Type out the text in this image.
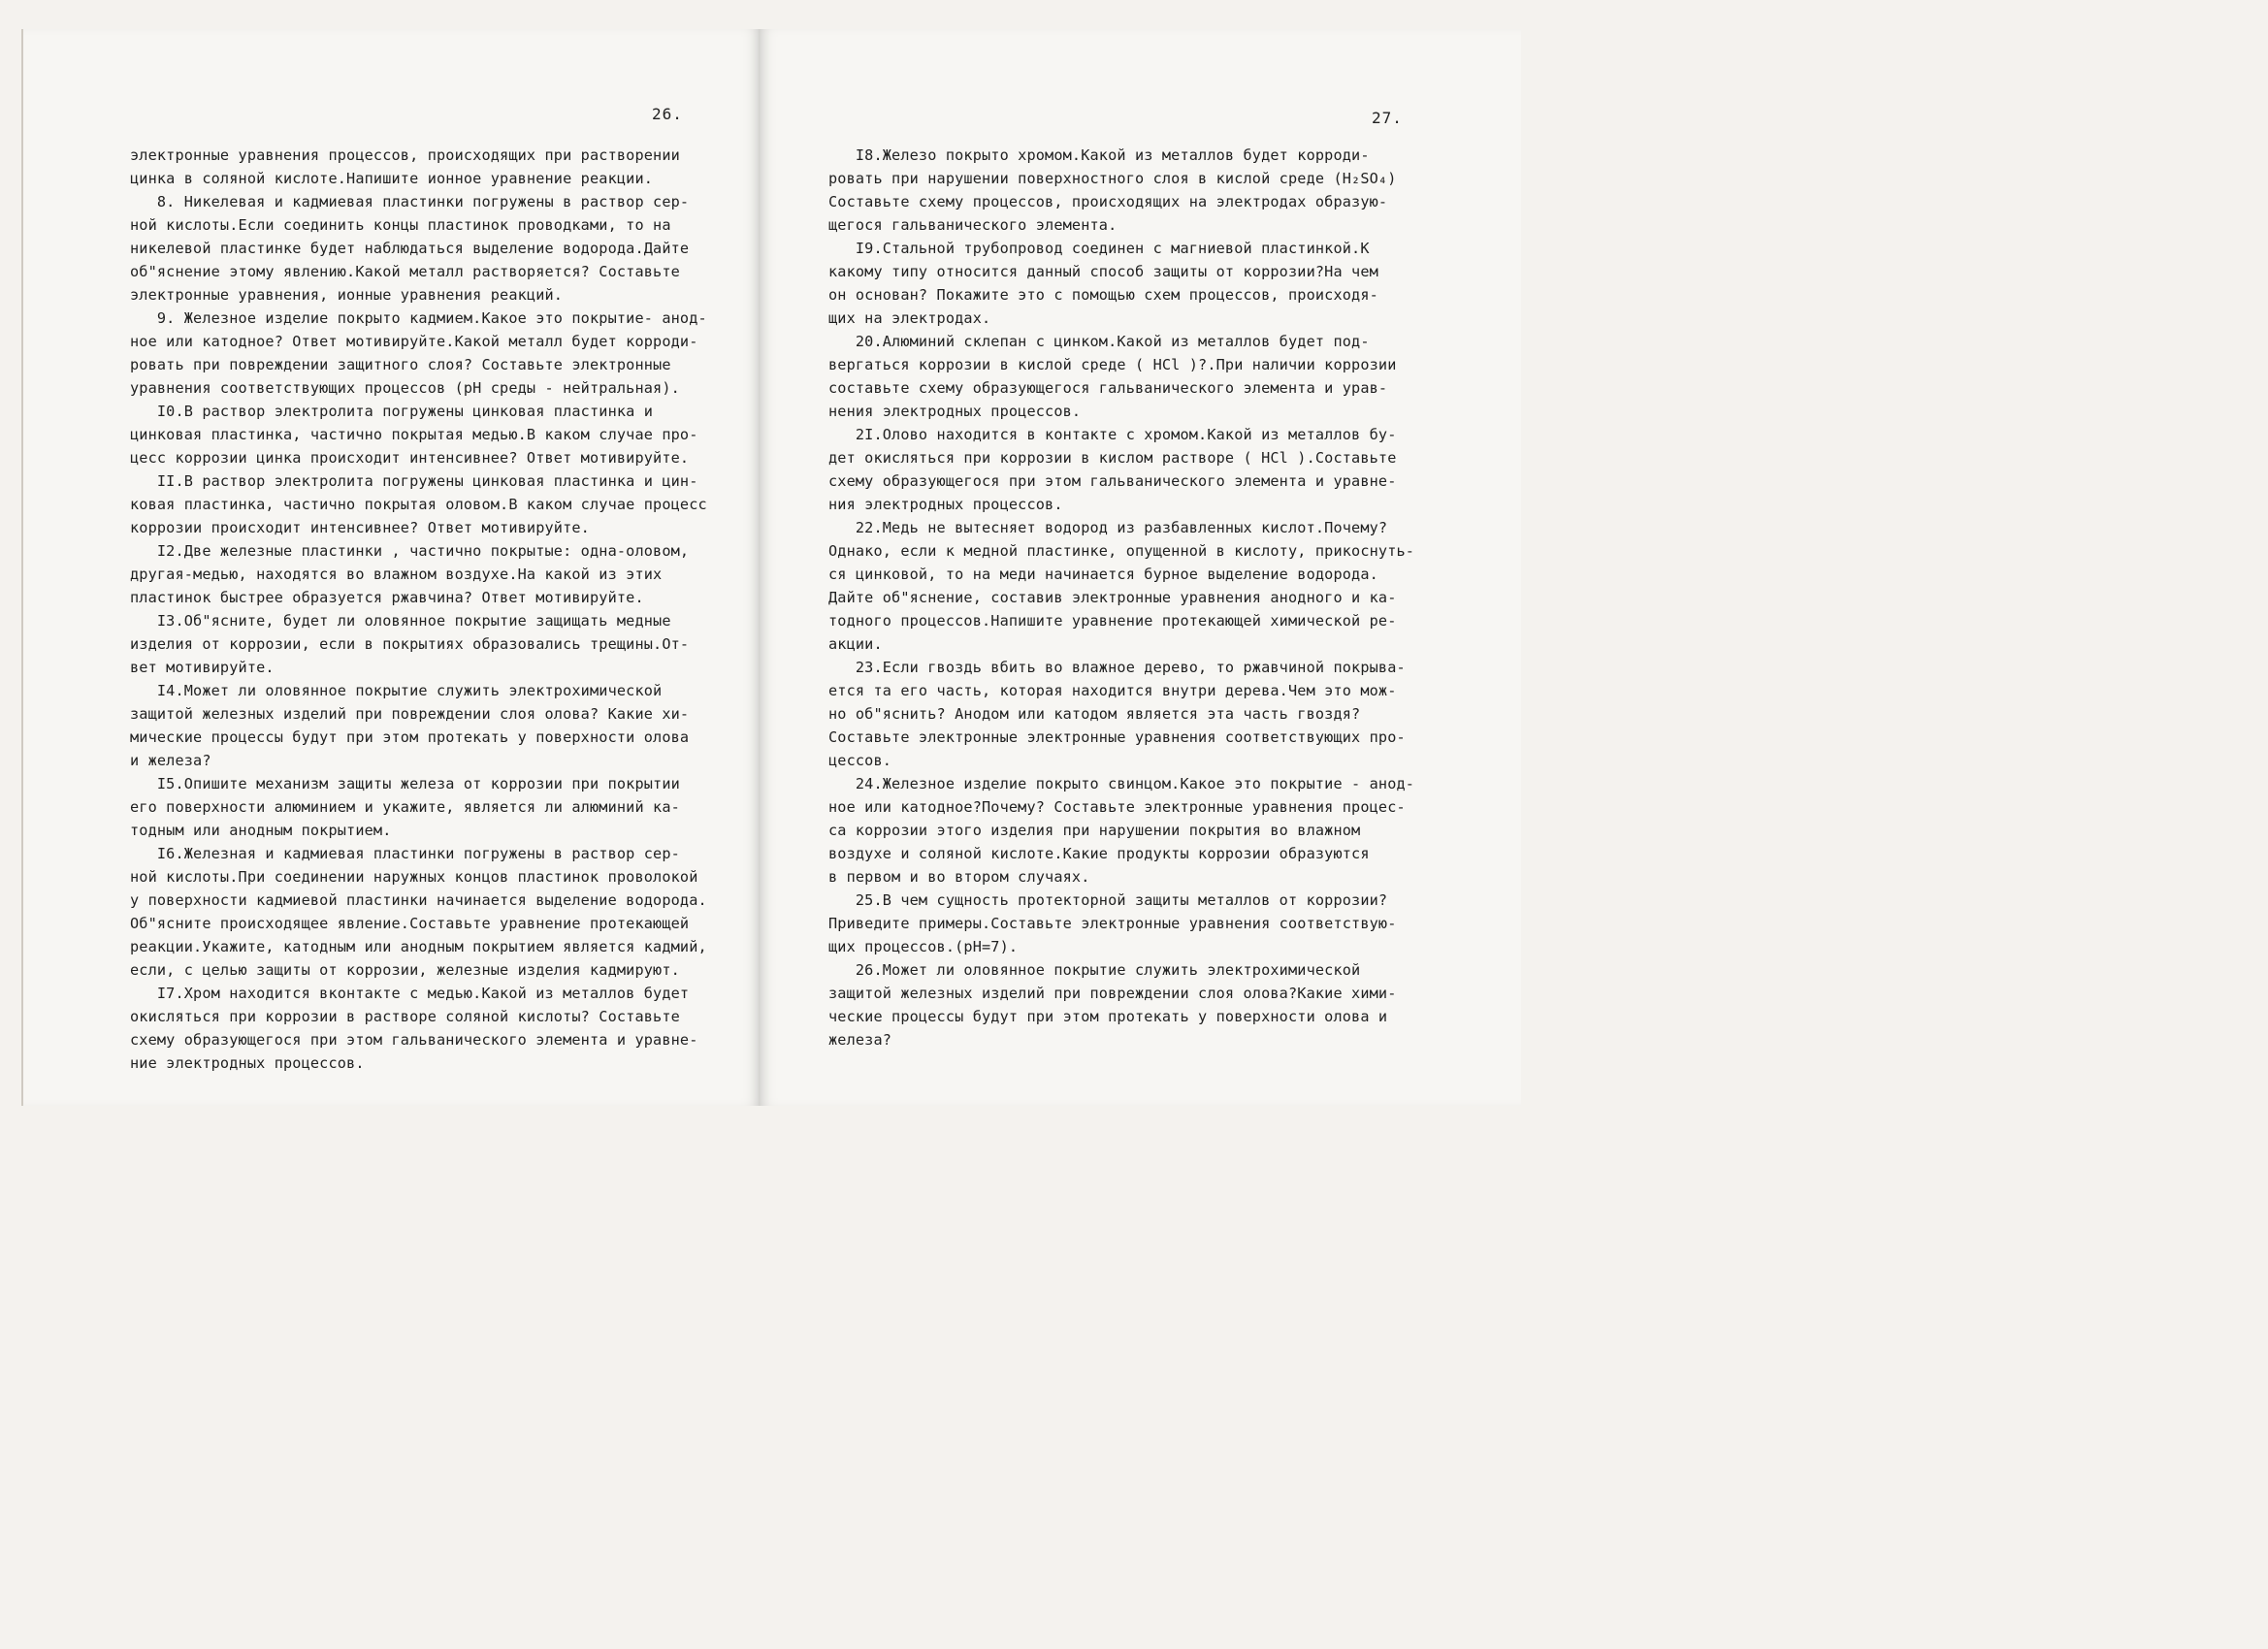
26.
электронные уравнения процессов, происходящих при растворении
цинка в соляной кислоте.Напишите ионное уравнение реакции.
8. Никелевая и кадмиевая пластинки погружены в раствор сер-
ной кислоты.Если соединить концы пластинок проводками, то на
никелевой пластинке будет наблюдаться выделение водорода.Дайте
об"яснение этому явлению.Какой металл растворяется? Составьте
электронные уравнения, ионные уравнения реакций.
9. Железное изделие покрыто кадмием.Какое это покрытие- анод-
ное или катодное? Ответ мотивируйте.Какой металл будет корроди-
ровать при повреждении защитного слоя? Составьте электронные
уравнения соответствующих процессов (рН среды - нейтральная).
I0.В раствор электролита погружены цинковая пластинка и
цинковая пластинка, частично покрытая медью.В каком случае про-
цесс коррозии цинка происходит интенсивнее? Ответ мотивируйте.
II.В раствор электролита погружены цинковая пластинка и цин-
ковая пластинка, частично покрытая оловом.В каком случае процесс
коррозии происходит интенсивнее? Ответ мотивируйте.
I2.Две железные пластинки , частично покрытые: одна-оловом,
другая-медью, находятся во влажном воздухе.На какой из этих
пластинок быстрее образуется ржавчина? Ответ мотивируйте.
I3.Об"ясните, будет ли оловянное покрытие защищать медные
изделия от коррозии, если в покрытиях образовались трещины.От-
вет мотивируйте.
I4.Может ли оловянное покрытие служить электрохимической
защитой железных изделий при повреждении слоя олова? Какие хи-
мические процессы будут при этом протекать у поверхности олова
и железа?
I5.Опишите механизм защиты железа от коррозии при покрытии
его поверхности алюминием и укажите, является ли алюминий ка-
тодным или анодным покрытием.
I6.Железная и кадмиевая пластинки погружены в раствор сер-
ной кислоты.При соединении наружных концов пластинок проволокой
у поверхности кадмиевой пластинки начинается выделение водорода.
Об"ясните происходящее явление.Составьте уравнение протекающей
реакции.Укажите, катодным или анодным покрытием является кадмий,
если, с целью защиты от коррозии, железные изделия кадмируют.
I7.Хром находится вконтакте с медью.Какой из металлов будет
окисляться при коррозии в растворе соляной кислоты? Составьте
схему образующегося при этом гальванического элемента и уравне-
ние электродных процессов.
27.
I8.Железо покрыто хромом.Какой из металлов будет корроди-
ровать при нарушении поверхностного слоя в кислой среде (H₂SO₄)
Составьте схему процессов, происходящих на электродах образую-
щегося гальванического элемента.
I9.Стальной трубопровод соединен с магниевой пластинкой.К
какому типу относится данный способ защиты от коррозии?На чем
он основан? Покажите это с помощью схем процессов, происходя-
щих на электродах.
20.Алюминий склепан с цинком.Какой из металлов будет под-
вергаться коррозии в кислой среде ( HCl )?.При наличии коррозии
составьте схему образующегося гальванического элемента и урав-
нения электродных процессов.
2I.Олово находится в контакте с хромом.Какой из металлов бу-
дет окисляться при коррозии в кислом растворе ( HCl ).Составьте
схему образующегося при этом гальванического элемента и уравне-
ния электродных процессов.
22.Медь не вытесняет водород из разбавленных кислот.Почему?
Однако, если к медной пластинке, опущенной в кислоту, прикоснуть-
ся цинковой, то на меди начинается бурное выделение водорода.
Дайте об"яснение, составив электронные уравнения анодного и ка-
тодного процессов.Напишите уравнение протекающей химической ре-
акции.
23.Если гвоздь вбить во влажное дерево, то ржавчиной покрыва-
ется та его часть, которая находится внутри дерева.Чем это мож-
но об"яснить? Анодом или катодом является эта часть гвоздя?
Составьте электронные электронные уравнения соответствующих про-
цессов.
24.Железное изделие покрыто свинцом.Какое это покрытие - анод-
ное или катодное?Почему? Составьте электронные уравнения процес-
са коррозии этого изделия при нарушении покрытия во влажном
воздухе и соляной кислоте.Какие продукты коррозии образуются
в первом и во втором случаях.
25.В чем сущность протекторной защиты металлов от коррозии?
Приведите примеры.Составьте электронные уравнения соответствую-
щих процессов.(рН=7).
26.Может ли оловянное покрытие служить электрохимической
защитой железных изделий при повреждении слоя олова?Какие хими-
ческие процессы будут при этом протекать у поверхности олова и
железа?
